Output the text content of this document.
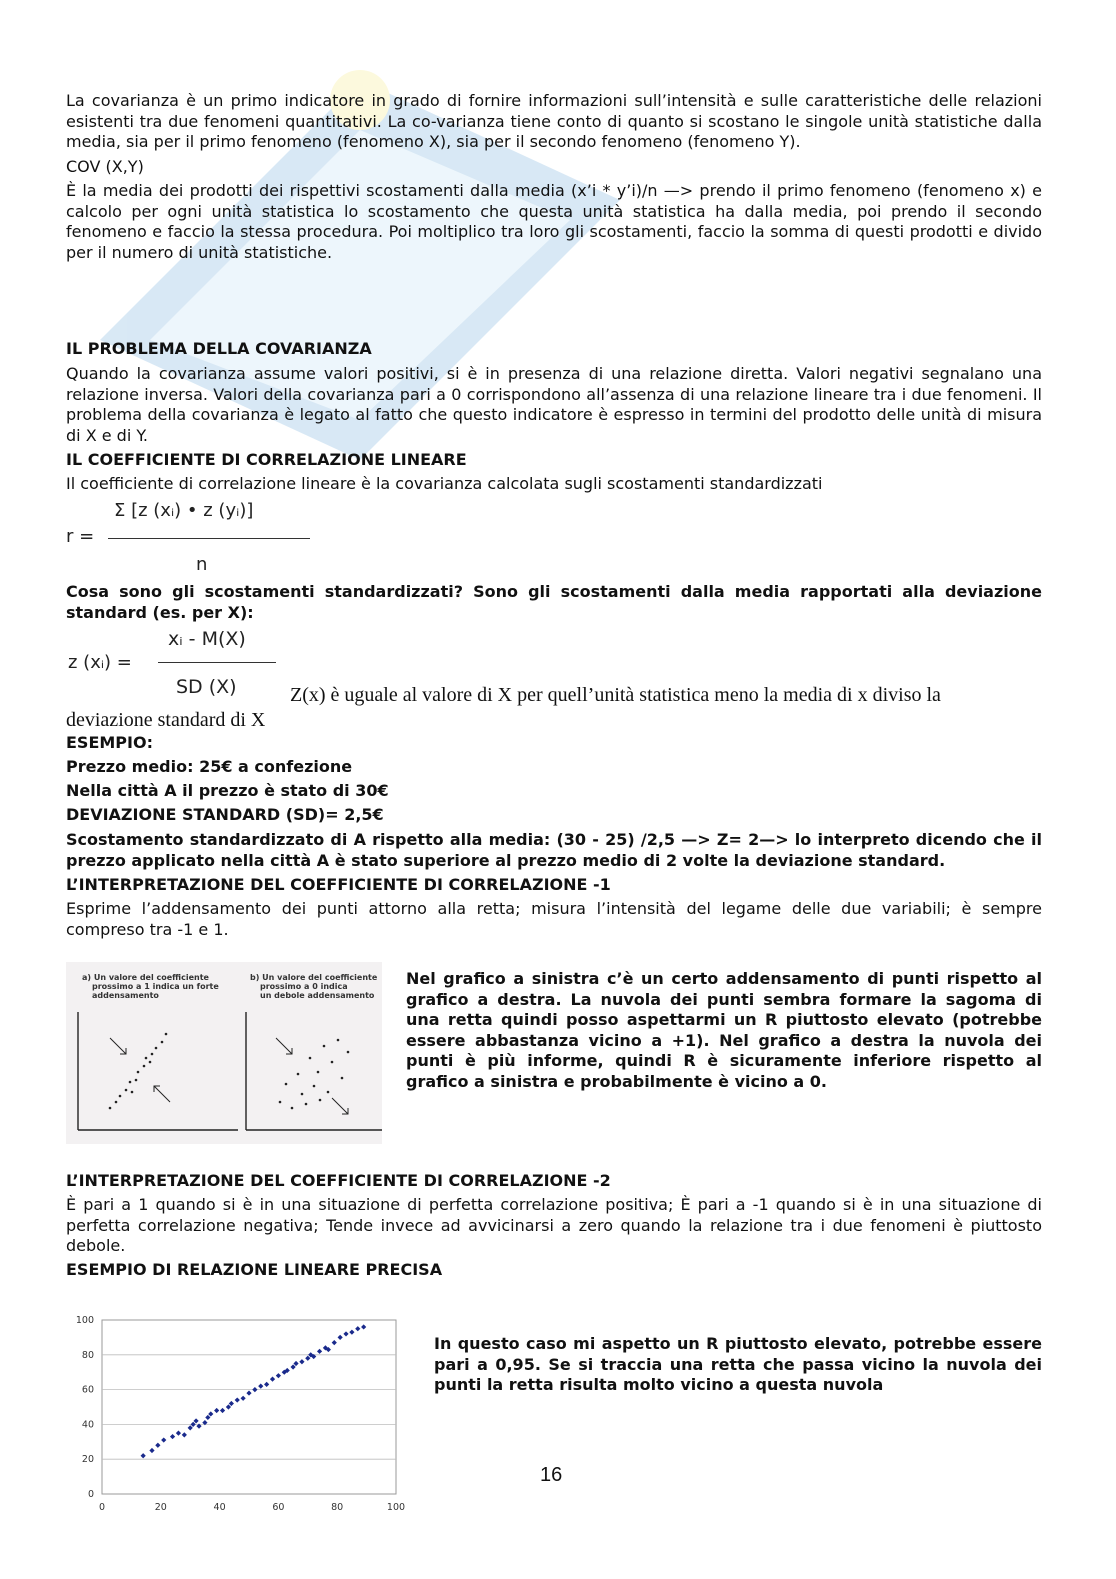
La covarianza è un primo indicatore in grado di fornire informazioni sull’intensità e sulle caratteristiche delle relazioni esistenti tra due fenomeni quantitativi. La co-varianza tiene conto di quanto si scostano le singole unità statistiche dalla media, sia per il primo fenomeno (fenomeno X), sia per il secondo fenomeno (fenomeno Y).

COV (X,Y)

È la media dei prodotti dei rispettivi scostamenti dalla media (x’i * y’i)/n —> prendo il primo fenomeno (fenomeno x) e calcolo per ogni unità statistica lo scostamento che questa unità statistica ha dalla media, poi prendo il secondo fenomeno e faccio la stessa procedura. Poi moltiplico tra loro gli scostamenti, faccio la somma di questi prodotti e divido per il numero di unità statistiche.

IL PROBLEMA DELLA COVARIANZA

Quando la covarianza assume valori positivi, si è in presenza di una relazione diretta. Valori negativi segnalano una relazione inversa. Valori della covarianza pari a 0 corrispondono all’assenza di una relazione lineare tra i due fenomeni. Il problema della covarianza è legato al fatto che questo indicatore è espresso in termini del prodotto delle unità di misura di X e di Y.

IL COEFFICIENTE DI CORRELAZIONE LINEARE

Il coefficiente di correlazione lineare è la covarianza calcolata sugli scostamenti standardizzati

r =
Σ [z (xᵢ) • z (yᵢ)]
n

Cosa sono gli scostamenti standardizzati? Sono gli scostamenti dalla media rapportati alla deviazione standard (es. per X):

z (xᵢ) =
xᵢ - M(X)
SD (X)	Z(x) è uguale al valore di X per quell’unità statistica meno la media di x diviso la
deviazione standard di X

ESEMPIO:

Prezzo medio: 25€ a confezione

Nella città A il prezzo è stato di 30€

DEVIAZIONE STANDARD (SD)= 2,5€

Scostamento standardizzato di A rispetto alla media: (30 - 25) /2,5 —> Z= 2—> lo interpreto dicendo che il prezzo applicato nella città A è stato superiore al prezzo medio di 2 volte la deviazione standard.

L’INTERPRETAZIONE DEL COEFFICIENTE DI CORRELAZIONE -1

Esprime l’addensamento dei punti attorno alla retta; misura l’intensità del legame delle due variabili; è sempre compreso tra -1 e 1.

a) Un valore del coefficiente
prossimo a 1 indica un forte
addensamento
b) Un valore del coefficiente
prossimo a 0 indica
un debole addensamento

Nel grafico a sinistra c’è un certo addensamento di punti rispetto al grafico a destra. La nuvola dei punti sembra formare la sagoma di una retta quindi posso aspettarmi un R piuttosto elevato (potrebbe essere abbastanza vicino a +1). Nel grafico a destra la nuvola dei punti è più informe, quindi R è sicuramente inferiore rispetto al grafico a sinistra e probabilmente è vicino a 0.

L’INTERPRETAZIONE DEL COEFFICIENTE DI CORRELAZIONE -2

È pari a 1 quando si è in una situazione di perfetta correlazione positiva; È pari a -1 quando si è in una situazione di perfetta correlazione negativa; Tende invece ad avvicinarsi a zero quando la relazione tra i due fenomeni è piuttosto debole.

ESEMPIO DI RELAZIONE LINEARE PRECISA

0
20
40
60
80
100
0	20	40	60	80	100

In questo caso mi aspetto un R piuttosto elevato, potrebbe essere pari a 0,95. Se si traccia una retta che passa vicino la nuvola dei punti la retta risulta molto vicino a questa nuvola

16
